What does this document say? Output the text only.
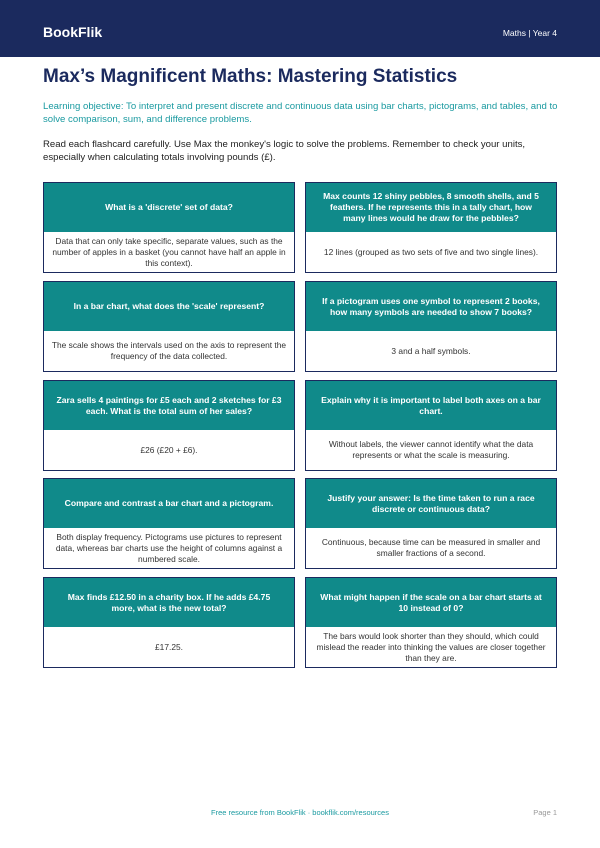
BookFlik	Maths | Year 4
Max’s Magnificent Maths: Mastering Statistics
Learning objective: To interpret and present discrete and continuous data using bar charts, pictograms, and tables, and to solve comparison, sum, and difference problems.
Read each flashcard carefully. Use Max the monkey's logic to solve the problems. Remember to check your units, especially when calculating totals involving pounds (£).
What is a 'discrete' set of data?
Data that can only take specific, separate values, such as the number of apples in a basket (you cannot have half an apple in this context).
Max counts 12 shiny pebbles, 8 smooth shells, and 5 feathers. If he represents this in a tally chart, how many lines would he draw for the pebbles?
12 lines (grouped as two sets of five and two single lines).
In a bar chart, what does the 'scale' represent?
The scale shows the intervals used on the axis to represent the frequency of the data collected.
If a pictogram uses one symbol to represent 2 books, how many symbols are needed to show 7 books?
3 and a half symbols.
Zara sells 4 paintings for £5 each and 2 sketches for £3 each. What is the total sum of her sales?
£26 (£20 + £6).
Explain why it is important to label both axes on a bar chart.
Without labels, the viewer cannot identify what the data represents or what the scale is measuring.
Compare and contrast a bar chart and a pictogram.
Both display frequency. Pictograms use pictures to represent data, whereas bar charts use the height of columns against a numbered scale.
Justify your answer: Is the time taken to run a race discrete or continuous data?
Continuous, because time can be measured in smaller and smaller fractions of a second.
Max finds £12.50 in a charity box. If he adds £4.75 more, what is the new total?
£17.25.
What might happen if the scale on a bar chart starts at 10 instead of 0?
The bars would look shorter than they should, which could mislead the reader into thinking the values are closer together than they are.
Free resource from BookFlik · bookflik.com/resources	Page 1
